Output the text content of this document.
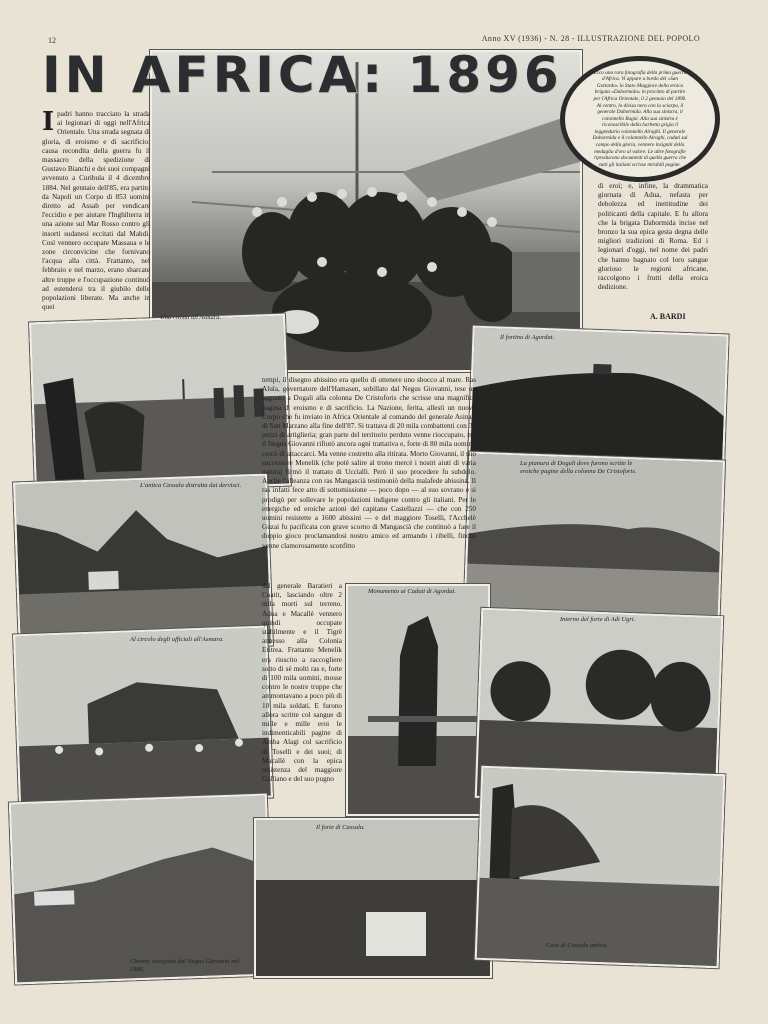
12	Anno XV (1936) - N. 28 - ILLUSTRAZIONE DEL POPOLO
IN AFRICA: 1896	Ecco una rara fotografia della prima guerra d'Africa. Vi appare a bordo del «San Gottardo» lo Stato Maggiore della eroica brigata «Dabormida» in procinto di partire per l'Africa Orientale, il 2 gennaio del 1896. Al centro, lo divisa nera con la sciarpa, il generale Dabormida. Alla sua sinistra, il colonnello Ragni. Alla sua sinistra è riconoscibile dalla barbetta grigia il leggendario colonnello Airaghi. Il generale Dabormida e il colonnello Airaghi, caduti sul campo della gloria, vennero insigniti della medaglia d'oro al valore. Le altre fotografie riproducono documenti di quella guerra che tutti gli italiani scrisse mirabili pagine.

Ipadri hanno tracciato la strada ai legionari di oggi nell'Africa Orientale. Una strada segnata di gloria, di eroismo e di sacrificio: causa recondita della guerra fu il massacro della spedizione di Gustavo Bianchi e dei suoi compagni avvenuto a Curibula il 4 dicembre 1884. Nel gennaio dell'85, era partito da Napoli un Corpo di 853 uomini diretto ad Assab per vendicare l'eccidio e per aiutare l'Inghilterra in una azione sul Mar Rosso contro gli insorti sudanesi eccitati dal Mahdi. Così vennero occupate Massaua e le zone circonvicine che fornivano l'acqua alla città. Frattanto, nel febbraio e nel marzo, erano sbarcate altre truppe e l'occupazione continuò ad estendersi tra il giubilo delle popolazioni liberate. Ma anche in quei
di eroi; e, infine, la drammatica giornata di Adua, nefasta per debolezza ed inettitudine dei politicanti della capitale. E fu allora che la brigata Dabormida incise nel bronzo la sua epica gesta degna delle migliori tradizioni di Roma. Ed i legionari d'oggi, nel nome dei padri che hanno bagnato col loro sangue glorioso le regioni africane, raccolgono i frutti della eroica dedizione.
A. BARDI
Una rivista all'Asmara.
Il fortino di Agordat.
L'antica Cassala distrutta dai dervisci.
La pianura di Dogali dove furono scritte le eroiche pagine della colonna De Cristoforis.
tempi, il disegno abissino era quello di ottenere uno sbocco al mare. Ras Alula, governatore dell'Hamasen, sobillato dal Negus Giovanni, tese un agguato a Dogali alla colonna De Cristoforis che scrisse una magnifica pagina di eroismo e di sacrificio. La Nazione, ferita, allestì un nuovo Corpo che fu inviato in Africa Orientale al comando del generale Asinari di San Marzano alla fine dell'87. Si trattava di 20 mila combattenti con 38 pezzi di artiglieria; gran parte del territorio perduto venne rioccupato, ma il Negus Giovanni rifiutò ancora ogni trattativa e, forte di 80 mila uomini, cercò di attaccarci. Ma venne costretto alla ritirata. Morto Giovanni, il suo successore Menelik (che potè salire al trono mercè i nostri aiuti di varia natura) firmò il trattato di Uccialli. Però il suo procedere fu subdolo. Anche l'alleanza con ras Mangascià testimoniò della malafede abissina. Il ras infatti fece atto di sottomissione — poco dopo — al suo sovrano e si prodigò per sollevare le popolazioni indigene contro gli italiani. Per le energiche ed eroiche azioni del capitano Castellazzi — che con 250 uomini resistette a 1600 abissini — e del maggiore Toselli, l'Acchelè Guzai fu pacificata con grave scorno di Mangascià che continuò a fare il doppio gioco proclamandosi nostro amico ed armando i ribelli, finchè venne clamorosamente sconfitto
Monumento ai Caduti di Agordat.
Al circolo degli ufficiali all'Asmara.
dal generale Baratieri a Coatit, lasciando oltre 2 mila morti sul terreno. Adua e Macallè vennero quindi occupate stabilmente e il Tigrè annesso alla Colonia Eritrea. Frattanto Menelik era riuscito a raccogliere sotto di sè molti ras e, forte di 100 mila uomini, mosse contro le nostre truppe che ammontavano a poco più di 10 mila soldati. E furono allora scritte col sangue di mille e mille eroi le indimenticabili pagine di Amba Alagi col sacrificio di Toselli e dei suoi; di Macallè con la epica resistenza del maggiore Galliano e del suo pugno
Interno del forte di Adi Ugri.
Cheren, occupata dal Negus Giovanni nel 1886.
Il forte di Cassala.
Case di Cassala antica.
